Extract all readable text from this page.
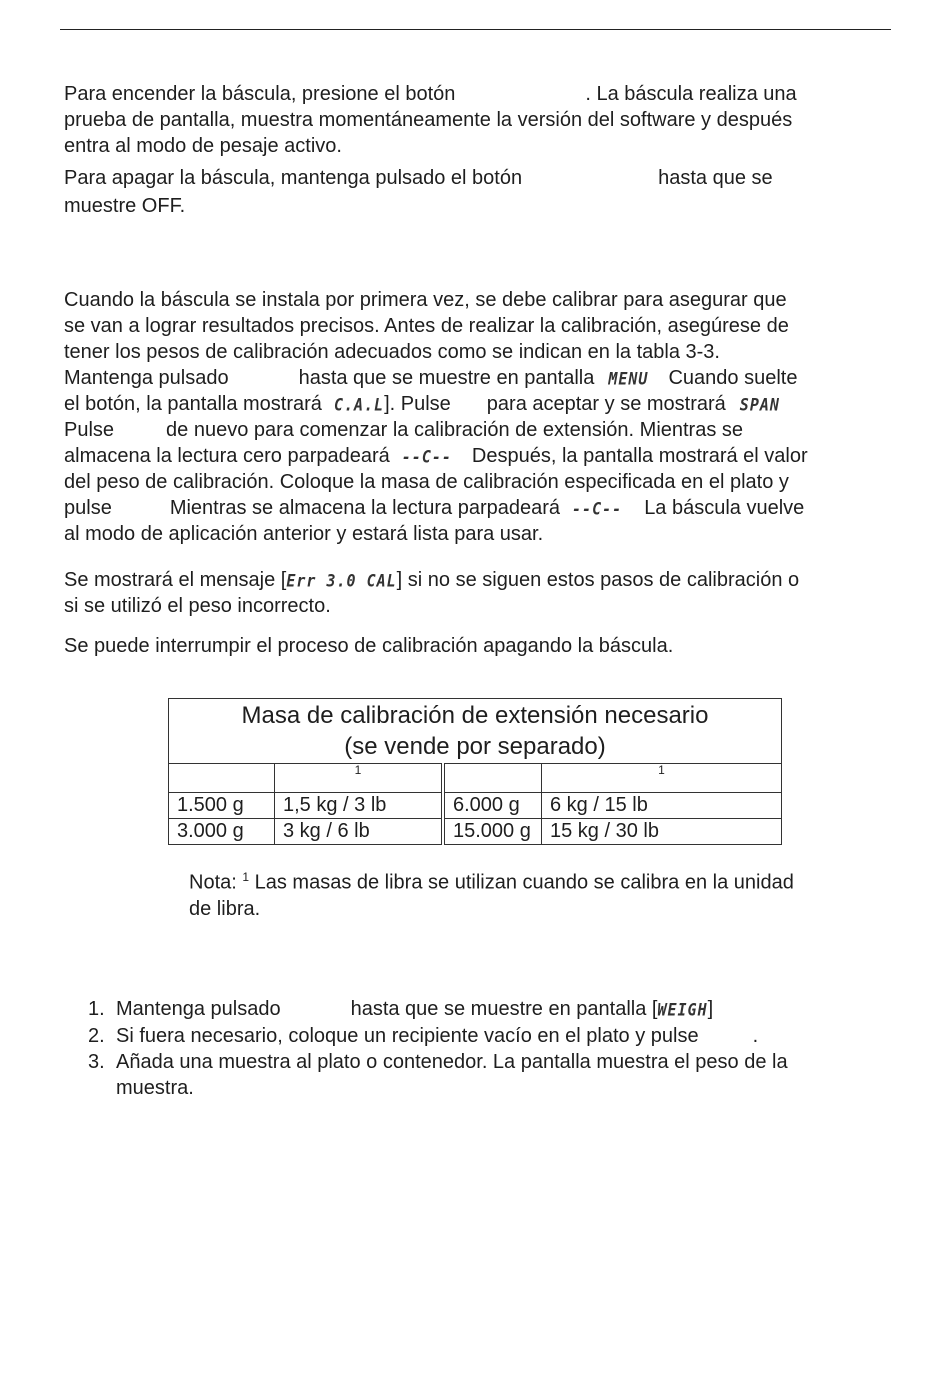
Para encender la báscula, presione el botón	. La báscula realiza una
prueba de pantalla, muestra momentáneamente la versión del software y después
entra al modo de pesaje activo.
Para apagar la báscula, mantenga pulsado el botón	hasta que se
muestre OFF.
Cuando la báscula se instala por primera vez, se debe calibrar para asegurar que
se van a lograr resultados precisos. Antes de realizar la calibración, asegúrese de
tener los pesos de calibración adecuados como se indican en la tabla 3-3.
Mantenga pulsado	hasta que se muestre en pantalla MENU Cuando suelte
el botón, la pantalla mostrará C.A.L]. Pulse para aceptar y se mostrará SPAN
Pulse	de nuevo para comenzar la calibración de extensión. Mientras se
almacena la lectura cero parpadeará --C-- Después, la pantalla mostrará el valor
del peso de calibración. Coloque la masa de calibración especificada en el plato y
pulse	Mientras se almacena la lectura parpadeará --C-- La báscula vuelve
al modo de aplicación anterior y estará lista para usar.
Se mostrará el mensaje [Err 3.0 CAL] si no se siguen estos pasos de calibración o
si se utilizó el peso incorrecto.
Se puede interrumpir el proceso de calibración apagando la báscula.
Masa de calibración de extensión necesario
(se vende por separado)			

	1		1
1.500 g	1,5 kg / 3 lb	6.000 g	6 kg / 15 lb
3.000 g	3 kg / 6 lb	15.000 g	15 kg / 30 lb
Nota: $^1$ Las masas de libra se utilizan cuando se calibra en la unidad
de libra.
1. Mantenga pulsado	hasta que se muestre en pantalla [WEIGH]
2. Si fuera necesario, coloque un recipiente vacío en el plato y pulse	.
3. Añada una muestra al plato o contenedor. La pantalla muestra el peso de la
muestra.
